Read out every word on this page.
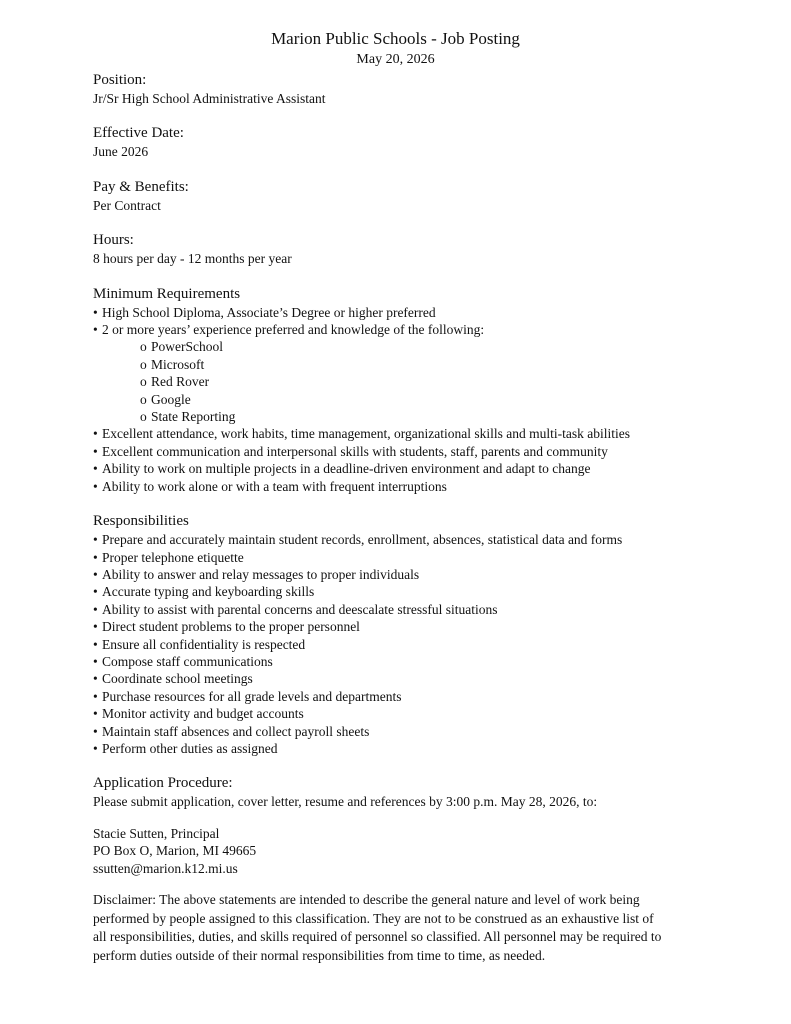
Marion Public Schools - Job Posting
May 20, 2026
Position:
Jr/Sr High School Administrative Assistant
Effective Date:
June 2026
Pay & Benefits:
Per Contract
Hours:
8 hours per day - 12 months per year
Minimum Requirements
• High School Diploma, Associate’s Degree or higher preferred
• 2 or more years’ experience preferred and knowledge of the following:
o PowerSchool
o Microsoft
o Red Rover
o Google
o State Reporting
• Excellent attendance, work habits, time management, organizational skills and multi-task abilities
• Excellent communication and interpersonal skills with students, staff, parents and community
• Ability to work on multiple projects in a deadline-driven environment and adapt to change
• Ability to work alone or with a team with frequent interruptions
Responsibilities
• Prepare and accurately maintain student records, enrollment, absences, statistical data and forms
• Proper telephone etiquette
• Ability to answer and relay messages to proper individuals
• Accurate typing and keyboarding skills
• Ability to assist with parental concerns and deescalate stressful situations
• Direct student problems to the proper personnel
• Ensure all confidentiality is respected
• Compose staff communications
• Coordinate school meetings
• Purchase resources for all grade levels and departments
• Monitor activity and budget accounts
• Maintain staff absences and collect payroll sheets
• Perform other duties as assigned
Application Procedure:
Please submit application, cover letter, resume and references by 3:00 p.m. May 28, 2026, to:
Stacie Sutten, Principal
PO Box O, Marion, MI 49665
ssutten@marion.k12.mi.us
Disclaimer: The above statements are intended to describe the general nature and level of work being
performed by people assigned to this classification. They are not to be construed as an exhaustive list of
all responsibilities, duties, and skills required of personnel so classified. All personnel may be required to
perform duties outside of their normal responsibilities from time to time, as needed.
